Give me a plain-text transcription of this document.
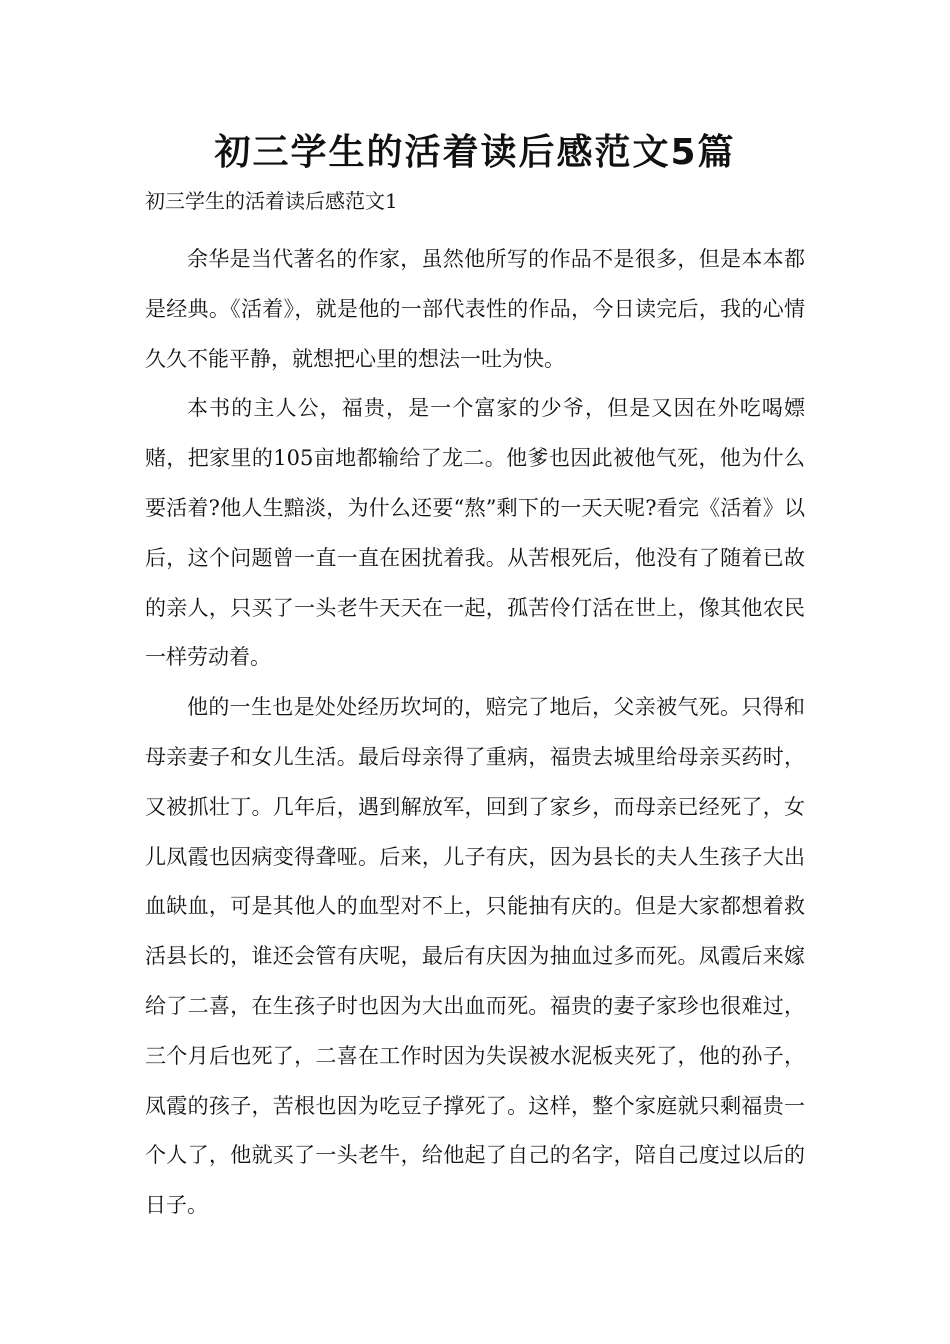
初三学生的活着读后感范文5篇
初三学生的活着读后感范文1

余华是当代著名的作家，虽然他所写的作品不是很多，但是本本都是经典。《活着》，就是他的一部代表性的作品，今日读完后，我的心情久久不能平静，就想把心里的想法一吐为快。

本书的主人公，福贵，是一个富家的少爷，但是又因在外吃喝嫖赌，把家里的105亩地都输给了龙二。他爹也因此被他气死，他为什么要活着?他人生黯淡，为什么还要“熬”剩下的一天天呢?看完《活着》以后，这个问题曾一直一直在困扰着我。从苦根死后，他没有了随着已故的亲人，只买了一头老牛天天在一起，孤苦伶仃活在世上，像其他农民一样劳动着。

他的一生也是处处经历坎坷的，赔完了地后，父亲被气死。只得和母亲妻子和女儿生活。最后母亲得了重病，福贵去城里给母亲买药时，又被抓壮丁。几年后，遇到解放军，回到了家乡，而母亲已经死了，女儿凤霞也因病变得聋哑。后来，儿子有庆，因为县长的夫人生孩子大出血缺血，可是其他人的血型对不上，只能抽有庆的。但是大家都想着救活县长的，谁还会管有庆呢，最后有庆因为抽血过多而死。凤霞后来嫁给了二喜，在生孩子时也因为大出血而死。福贵的妻子家珍也很难过，三个月后也死了，二喜在工作时因为失误被水泥板夹死了，他的孙子，凤霞的孩子，苦根也因为吃豆子撑死了。这样，整个家庭就只剩福贵一个人了，他就买了一头老牛，给他起了自己的名字，陪自己度过以后的日子。
